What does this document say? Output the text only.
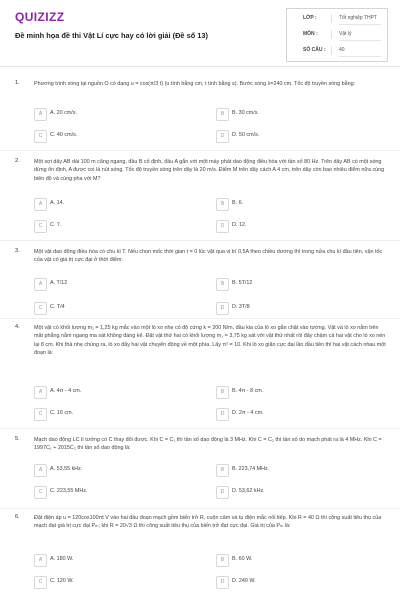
QUIZIZZ
Đề minh họa đề thi Vật Lí cực hay có lời giải (Đề số 13)
LỚP :	Tốt nghiệp THPT
MÔN :	Vật lý
SỐ CÂU :	40
1.	Phương trình sóng tại nguồn O có dạng u = cos(π/3 t) (u tính bằng cm, t tính bằng s). Bước sóng λ=240 cm. Tốc độ truyền sóng bằng:
A	A. 20 cm/s.	B	B. 30 cm/s.
C	C. 40 cm/s.	D	D. 50 cm/s.
2.	Một sợi dây AB dài 100 m căng ngang, đầu B cố định, đầu A gắn với một máy phát dao động điều hòa với tần số 80 Hz. Trên dây AB có một sóng dừng ổn định, A được coi là nút sóng. Tốc độ truyền sóng trên dây là 20 m/s. Điểm M trên dây cách A 4 cm, trên dây còn bao nhiêu điểm nữa cùng biên độ và cùng pha với M?
A	A. 14.	B	B. 6.
C	C. 7.	D	D. 12.
3.	Một vật dao động điều hòa có chu kì T. Nếu chọn mốc thời gian t = 0 lúc vật qua vị trí 0,5A theo chiều dương thì trong nửa chu kì đầu tiên, vận tốc của vật có giá trị cực đại ở thời điểm:
A	A. T/12	B	B. 5T/12
C	C. T/4	D	D. 3T/8
4.	Một vật có khối lượng m₁ = 1,25 kg mắc vào một lò xo nhẹ có độ cứng k = 200 N/m, đầu kia của lò xo gắn chặt vào tường. Vật và lò xo nằm trên mặt phẳng nằm ngang ma sát không đáng kể. Đặt vật thứ hai có khối lượng m₁ = 3,75 kg sát với vật thứ nhất rồi đẩy chậm cả hai vật cho lò xo nén lại 8 cm. Khi thả nhẹ chúng ra, lò xo đẩy hai vật chuyển động về một phía. Lấy π² = 10. Khi lò xo giãn cực đại lần đầu tiên thì hai vật cách nhau một đoạn là:
A	A. 4π - 4 cm.	B	B. 4π - 8 cm.
C	C. 16 cm.	D	D. 2π - 4 cm.
5.	Mạch dao động LC lí tưởng có C thay đổi được. Khi C = C₁ thì tần số dao động là 3 MHz. Khi C = C₂ thì tần số do mạch phát ra là 4 MHz. Khi C = 1997C₁ + 2015C₂ thì tần số dao động là:
A	A. 53,55 kHz.	B	B. 223,74 MHz.
C	C. 223,55 MHz.	D	D. 53,62 kHz.
6.	Đặt điện áp u = 120cos100πt V vào hai đầu đoạn mạch gồm biến trở R, cuộn cảm và tụ điện mắc nối tiếp. Khi R = 40 Ω thì công suất tiêu thụ của mạch đạt giá trị cực đại Pₘ; khi R = 20√3 Ω thì công suất tiêu thụ của biến trở đạt cực đại. Giá trị của Pₘ là:
A	A. 180 W.	B	B. 60 W.
C	C. 120 W.	D	D. 240 W.
